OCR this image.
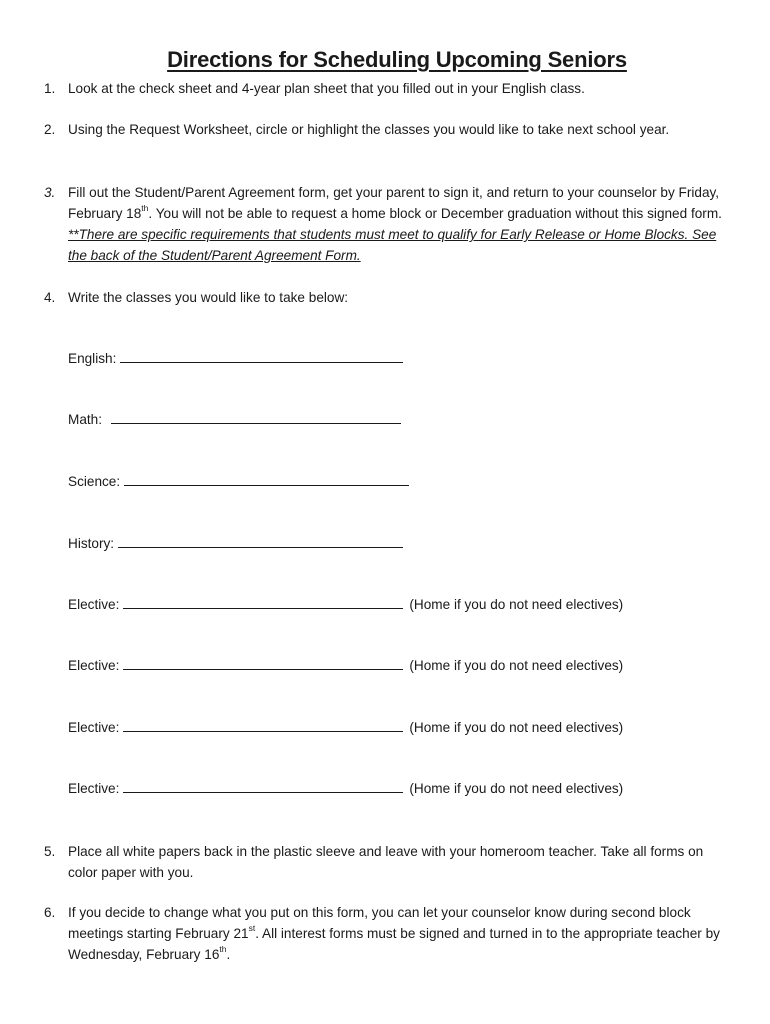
Directions for Scheduling Upcoming Seniors
1. Look at the check sheet and 4-year plan sheet that you filled out in your English class.
2. Using the Request Worksheet, circle or highlight the classes you would like to take next school year.
3. Fill out the Student/Parent Agreement form, get your parent to sign it, and return to your counselor by Friday, February 18th. You will not be able to request a home block or December graduation without this signed form. **There are specific requirements that students must meet to qualify for Early Release or Home Blocks. See the back of the Student/Parent Agreement Form.
4. Write the classes you would like to take below:
English:
Math:
Science:
History:
Elective:	(Home if you do not need electives)
Elective:	(Home if you do not need electives)
Elective:	(Home if you do not need electives)
Elective:	(Home if you do not need electives)
5. Place all white papers back in the plastic sleeve and leave with your homeroom teacher. Take all forms on color paper with you.
6. If you decide to change what you put on this form, you can let your counselor know during second block meetings starting February 21st. All interest forms must be signed and turned in to the appropriate teacher by Wednesday, February 16th.
